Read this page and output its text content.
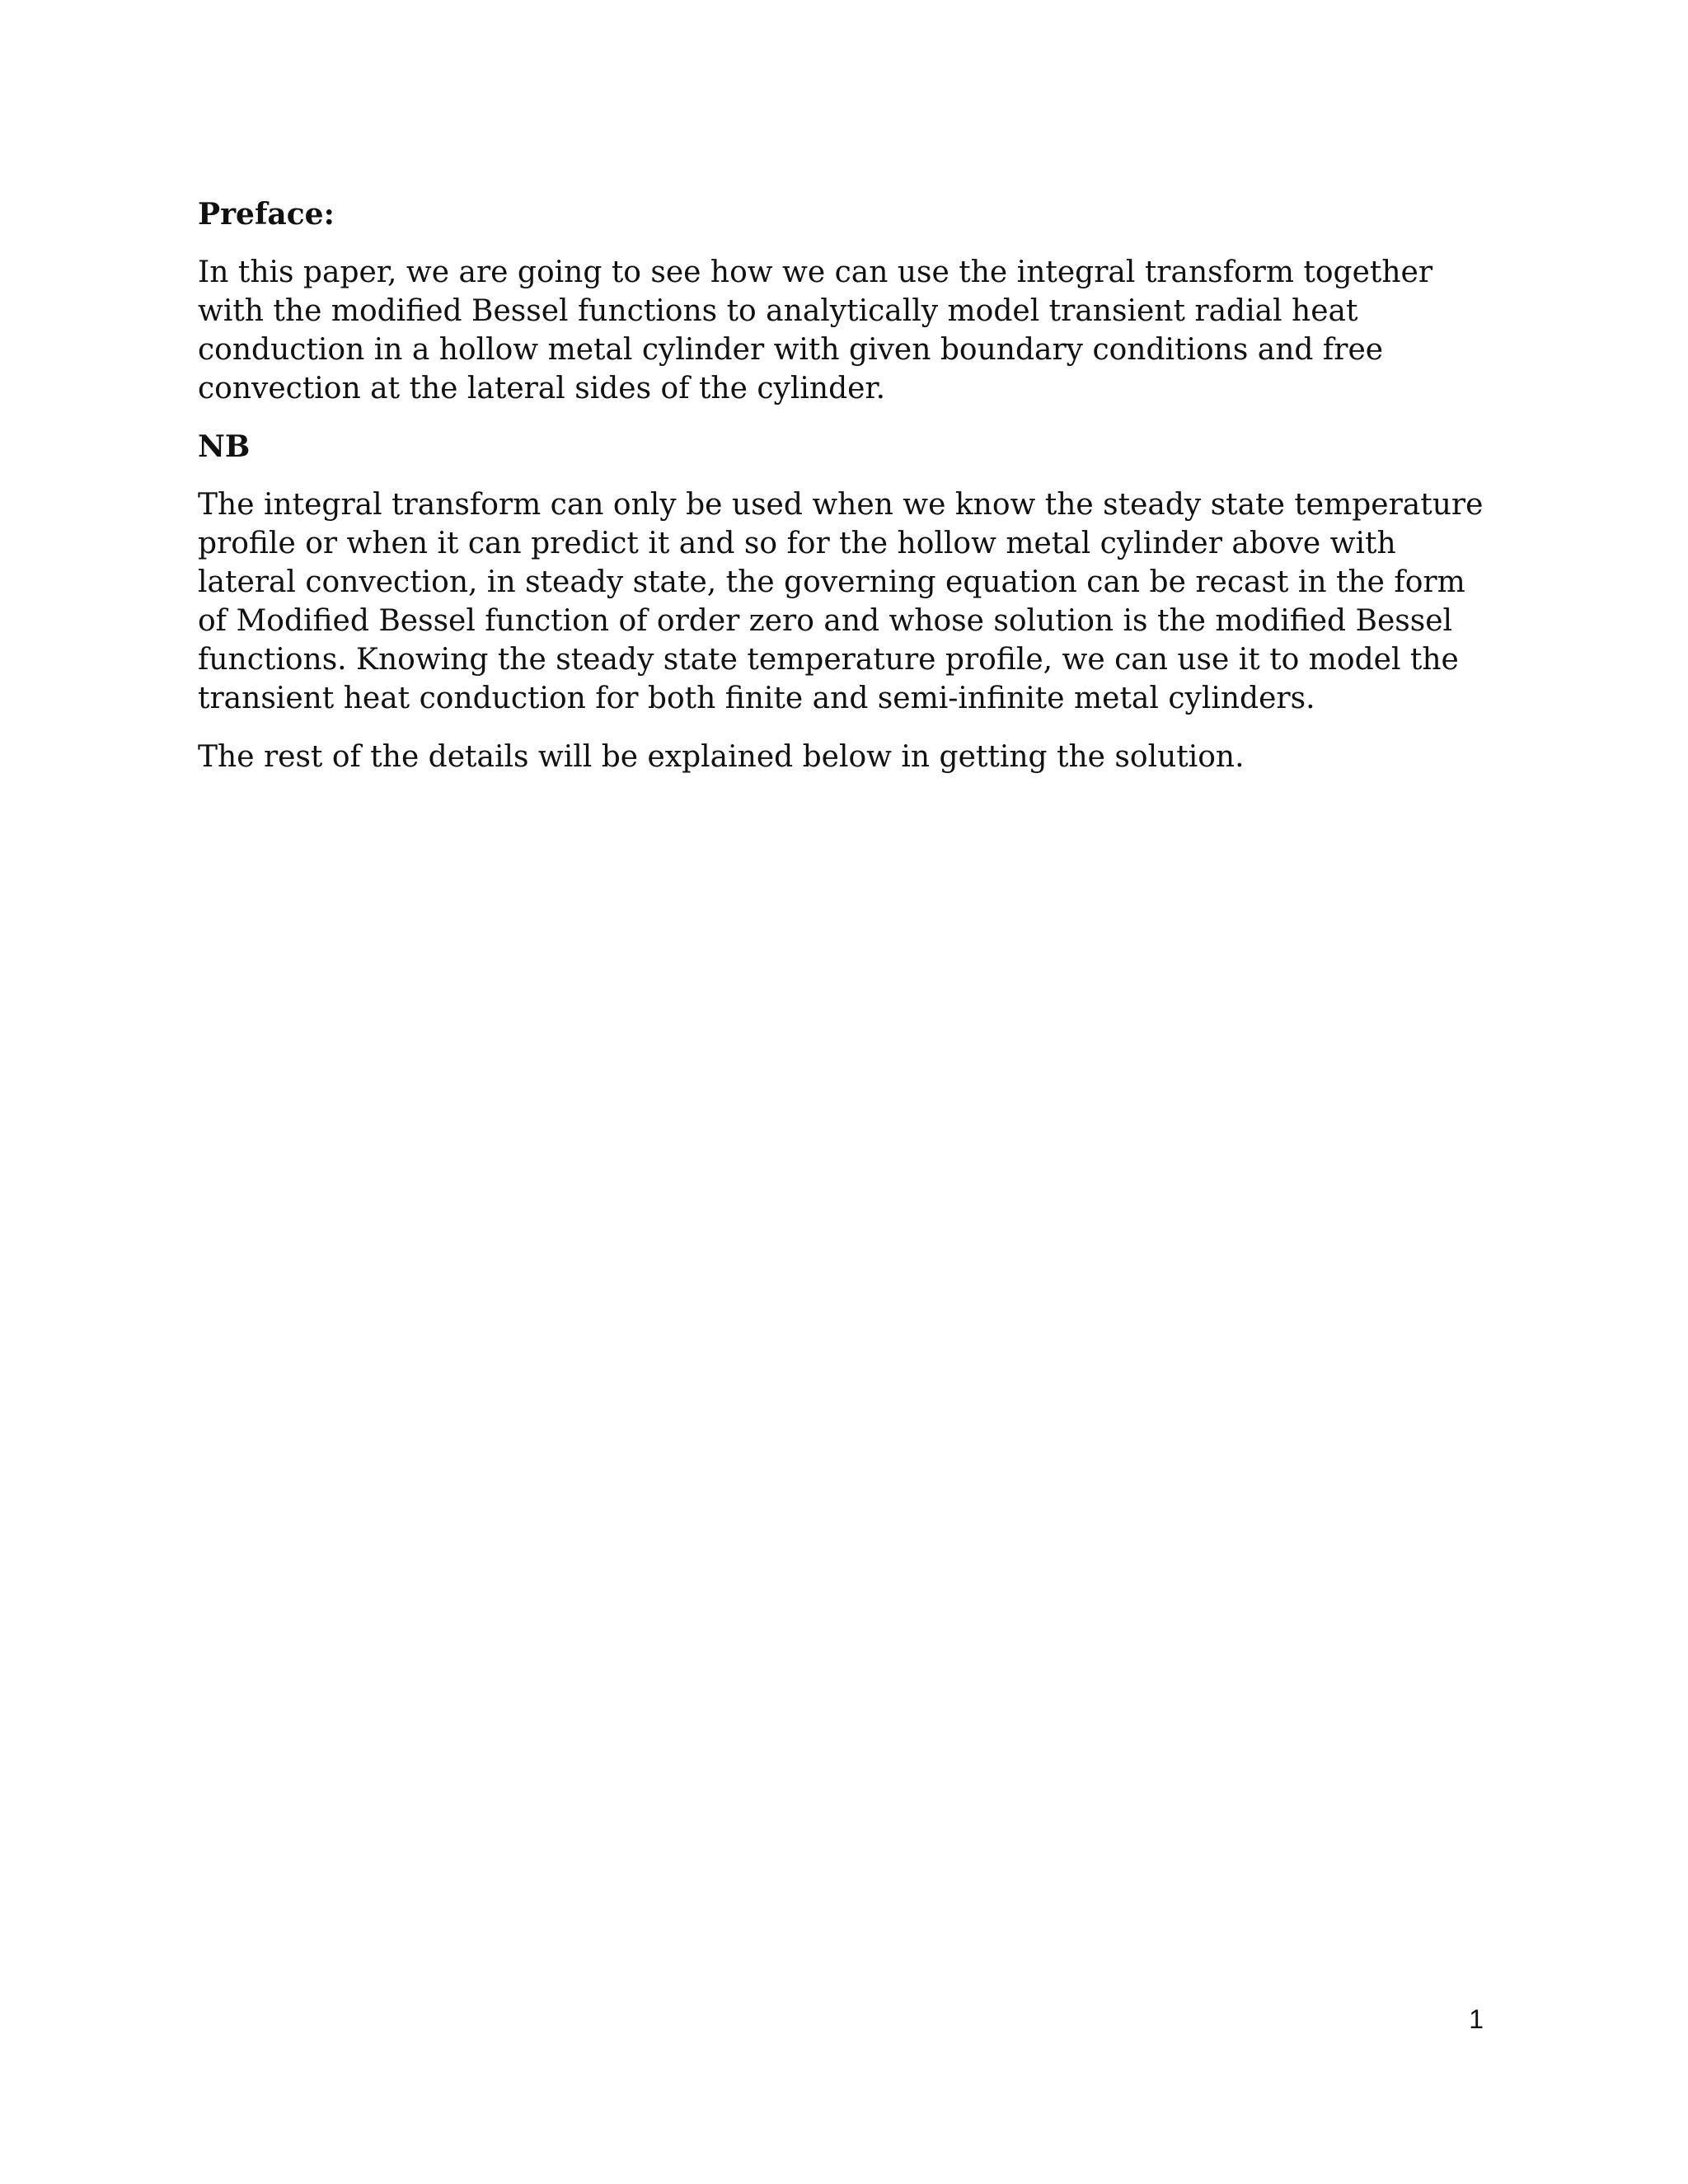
Preface:

In this paper, we are going to see how we can use the integral transform together with the modified Bessel functions to analytically model transient radial heat conduction in a hollow metal cylinder with given boundary conditions and free convection at the lateral sides of the cylinder.

NB

The integral transform can only be used when we know the steady state temperature profile or when it can predict it and so for the hollow metal cylinder above with lateral convection, in steady state, the governing equation can be recast in the form of Modified Bessel function of order zero and whose solution is the modified Bessel functions. Knowing the steady state temperature profile, we can use it to model the transient heat conduction for both finite and semi-infinite metal cylinders.

The rest of the details will be explained below in getting the solution.

1
